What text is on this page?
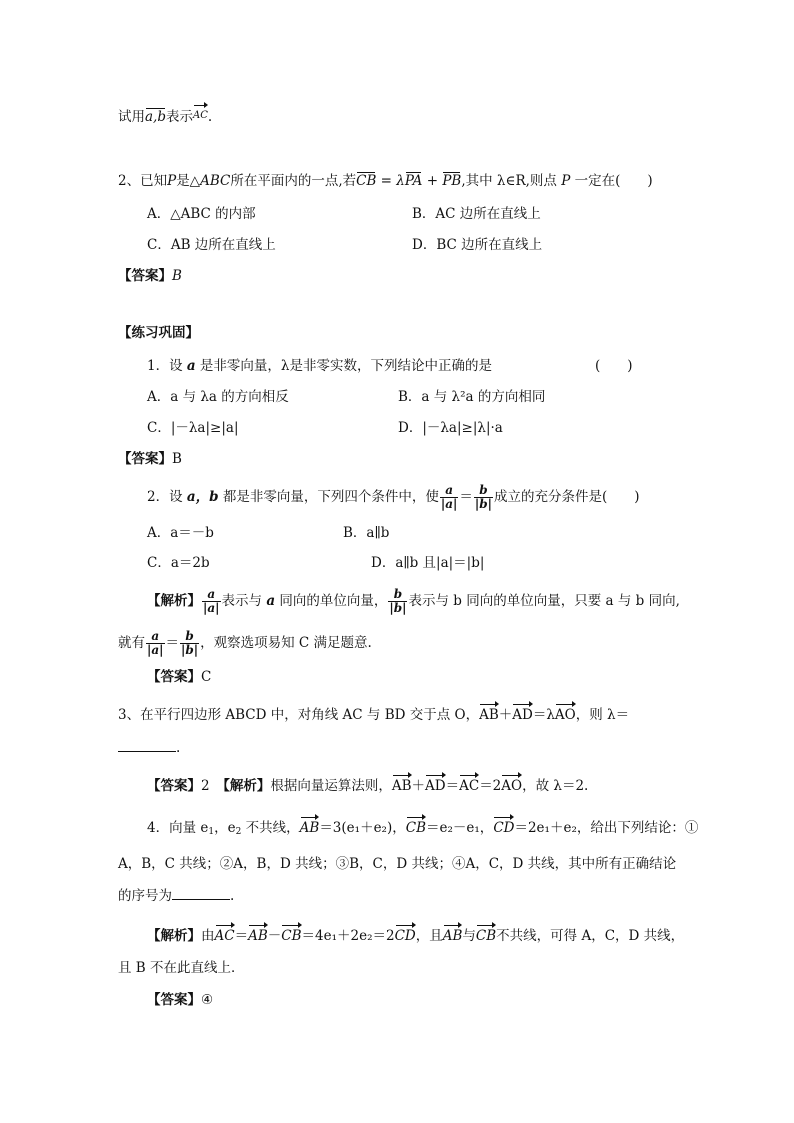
试用a,b表示AC.
2、已知P是△ABC所在平面内的一点,若CB = λPA + PB,其中 λ∈R,则点 P 一定在(　　)
A．△ABC 的内部	B．AC 边所在直线上
C．AB 边所在直线上	D．BC 边所在直线上
【答案】B
【练习巩固】
1．设 a 是非零向量，λ是非零实数，下列结论中正确的是	(　　)
A．a 与 λa 的方向相反	B．a 与 λ²a 的方向相同
C．|－λa|≥|a|	D．|－λa|≥|λ|·a
【答案】B
2．设 a，b 都是非零向量，下列四个条件中，使 $\frac{a}{|a|} = \frac{b}{|b|}$ 成立的充分条件是(　　)
A．a＝－b	B．a∥b
C．a＝2b	D．a∥b 且|a|＝|b|
【解析】 $\frac{a}{|a|}$ 表示与 a 同向的单位向量， $\frac{b}{|b|}$ 表示与 b 同向的单位向量，只要 a 与 b 同向,
就有 $\frac{a}{|a|} = \frac{b}{|b|}$ ，观察选项易知 C 满足题意.
【答案】C
3、在平行四边形 ABCD 中，对角线 AC 与 BD 交于点 O，AB＋AD＝λAO，则 λ＝
.
【答案】2　 【解析】根据向量运算法则，AB＋AD＝AC＝2AO，故 λ＝2.
4．向量 $e_1$，$e_2$ 不共线，AB＝3(e₁＋e₂)，CB＝e₂－e₁，CD＝2e₁＋e₂，给出下列结论：①
A，B，C 共线；②A，B，D 共线；③B，C，D 共线；④A，C，D 共线，其中所有正确结论
的序号为	.
【解析】由AC＝AB－CB＝4e₁＋2e₂＝2CD，且AB与CB不共线，可得 A，C，D 共线，
且 B 不在此直线上．
【答案】④
